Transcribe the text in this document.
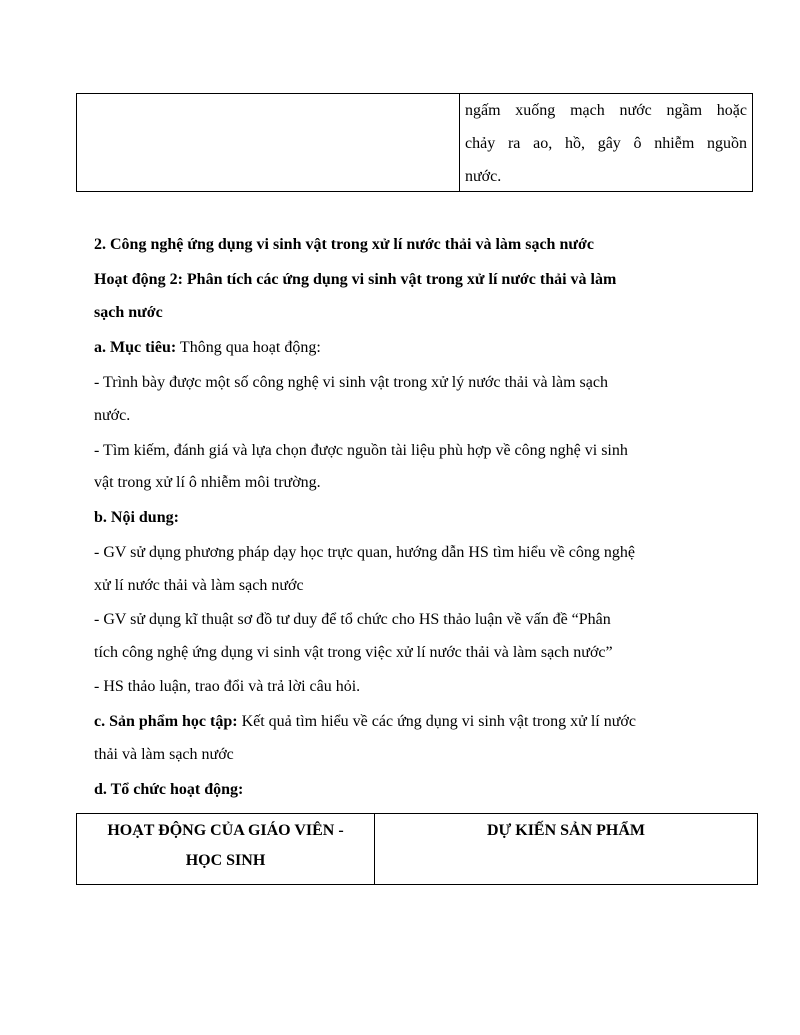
ngấm xuống mạch nước ngầm hoặc
chảy ra ao, hồ, gây ô nhiễm nguồn
nước.

2. Công nghệ ứng dụng vi sinh vật trong xử lí nước thải và làm sạch nước

Hoạt động 2: Phân tích các ứng dụng vi sinh vật trong xử lí nước thải và làm

sạch nước

a. Mục tiêu: Thông qua hoạt động:

- Trình bày được một số công nghệ vi sinh vật trong xử lý nước thải và làm sạch

nước.

- Tìm kiếm, đánh giá và lựa chọn được nguồn tài liệu phù hợp về công nghệ vi sinh

vật trong xử lí ô nhiễm môi trường.

b. Nội dung:

- GV sử dụng phương pháp dạy học trực quan, hướng dẫn HS tìm hiểu về công nghệ

xử lí nước thải và làm sạch nước

- GV sử dụng kĩ thuật sơ đồ tư duy để tổ chức cho HS thảo luận về vấn đề “Phân

tích công nghệ ứng dụng vi sinh vật trong việc xử lí nước thải và làm sạch nước”

- HS thảo luận, trao đổi và trả lời câu hỏi.

c. Sản phẩm học tập: Kết quả tìm hiểu về các ứng dụng vi sinh vật trong xử lí nước

thải và làm sạch nước

d. Tổ chức hoạt động:

HOẠT ĐỘNG CỦA GIÁO VIÊN -
HỌC SINH
DỰ KIẾN SẢN PHẨM
